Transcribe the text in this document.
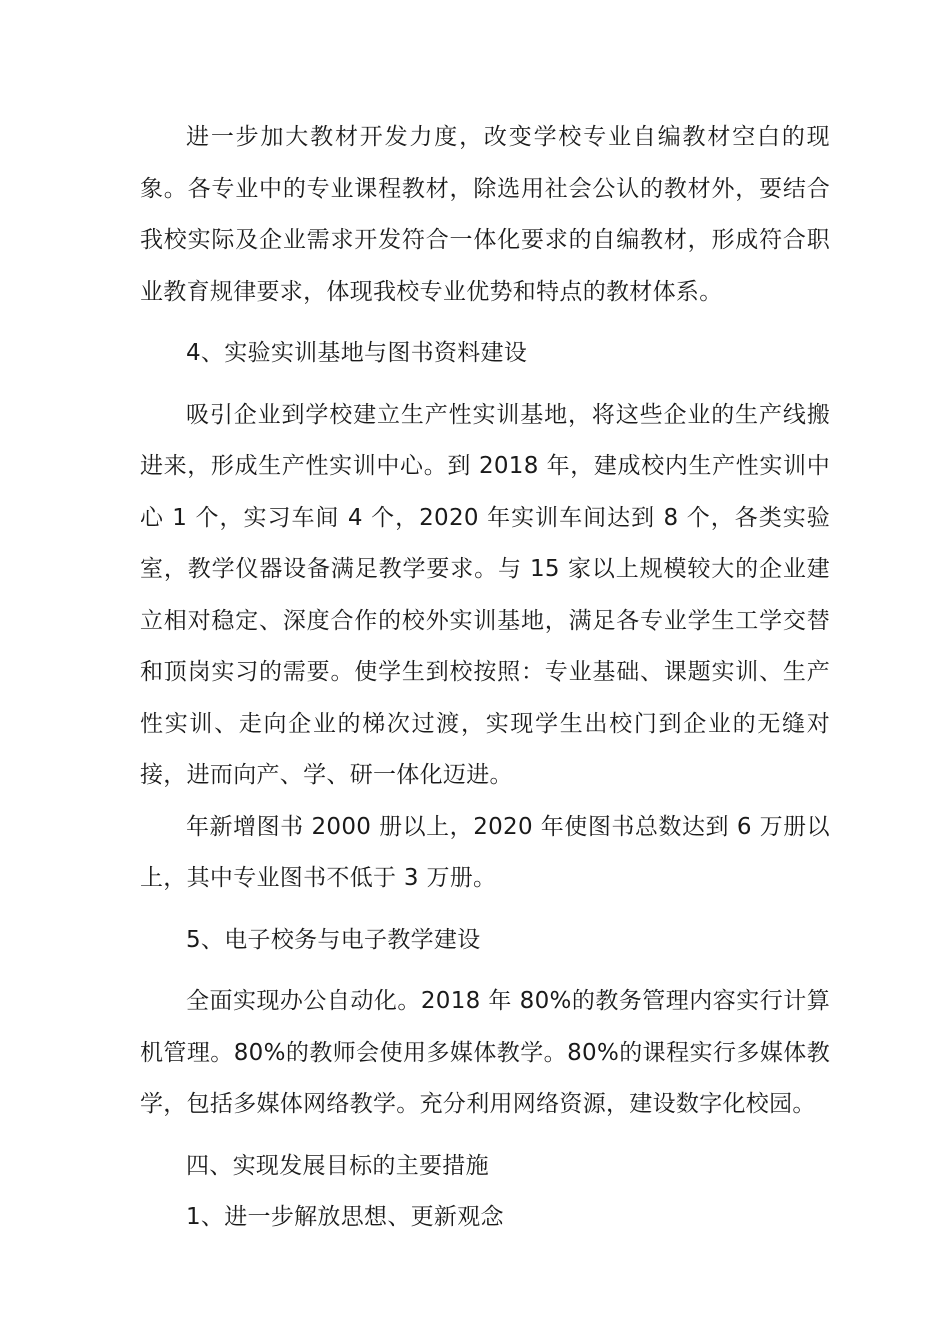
进一步加大教材开发力度，改变学校专业自编教材空白的现象。各专业中的专业课程教材，除选用社会公认的教材外，要结合我校实际及企业需求开发符合一体化要求的自编教材，形成符合职业教育规律要求，体现我校专业优势和特点的教材体系。

4、实验实训基地与图书资料建设

吸引企业到学校建立生产性实训基地，将这些企业的生产线搬进来，形成生产性实训中心。到 2018 年，建成校内生产性实训中心 1 个，实习车间 4 个，2020 年实训车间达到 8 个，各类实验室，教学仪器设备满足教学要求。与 15 家以上规模较大的企业建立相对稳定、深度合作的校外实训基地，满足各专业学生工学交替和顶岗实习的需要。使学生到校按照：专业基础、课题实训、生产性实训、走向企业的梯次过渡，实现学生出校门到企业的无缝对接，进而向产、学、研一体化迈进。

年新增图书 2000 册以上，2020 年使图书总数达到 6 万册以上，其中专业图书不低于 3 万册。

5、电子校务与电子教学建设

全面实现办公自动化。2018 年 80%的教务管理内容实行计算机管理。80%的教师会使用多媒体教学。80%的课程实行多媒体教学，包括多媒体网络教学。充分利用网络资源，建设数字化校园。

四、实现发展目标的主要措施

1、进一步解放思想、更新观念
